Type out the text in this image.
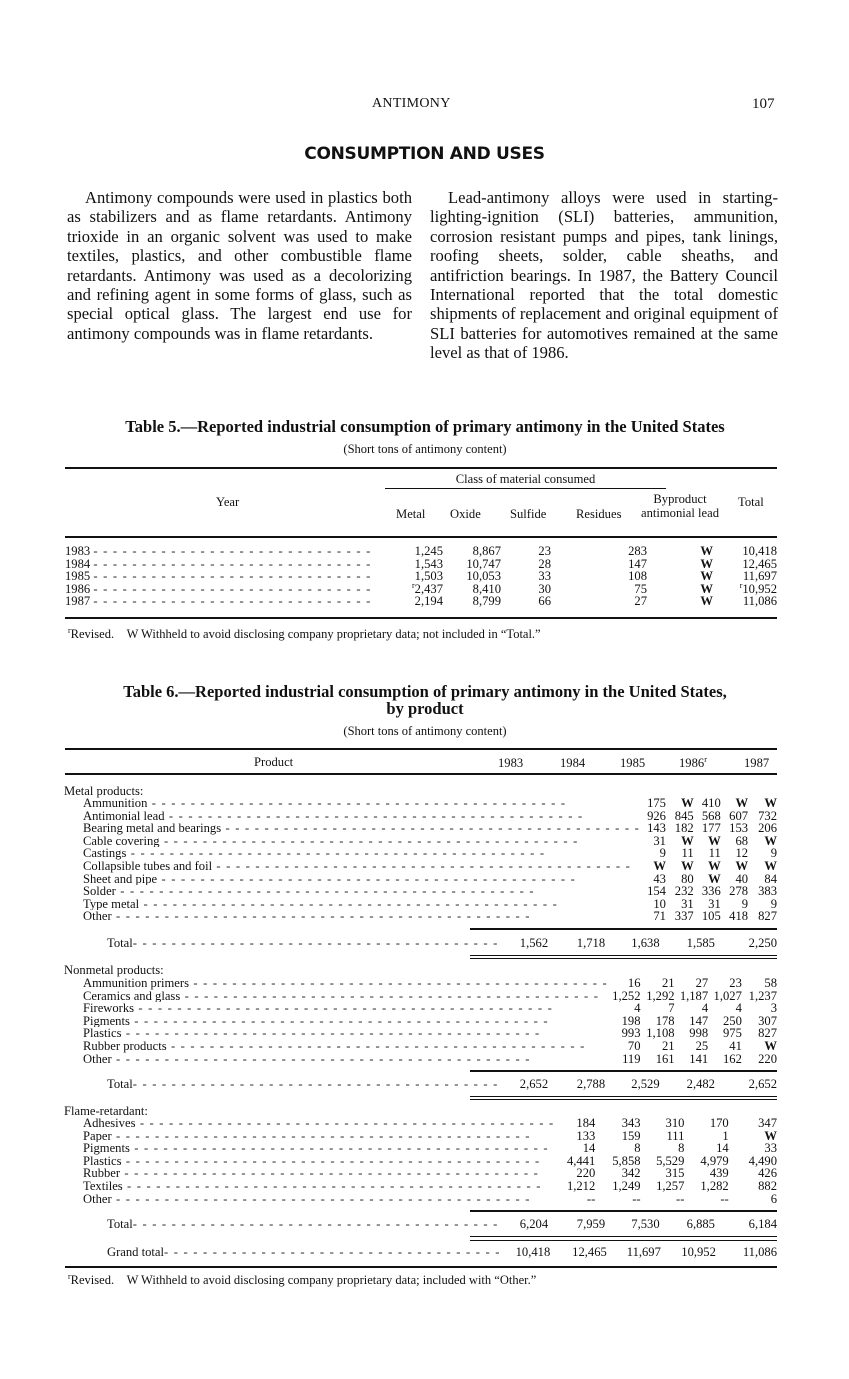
ANTIMONY	107
CONSUMPTION AND USES

Antimony compounds were used in plastics both as stabilizers and as flame retardants. Antimony trioxide in an organic solvent was used to make textiles, plastics, and other combustible flame retardants. Antimony was used as a decolorizing and refining agent in some forms of glass, such as special optical glass. The largest end use for antimony compounds was in flame retardants.

Lead-antimony alloys were used in starting-lighting-ignition (SLI) batteries, ammunition, corrosion resistant pumps and pipes, tank linings, roofing sheets, solder, cable sheaths, and antifriction bearings. In 1987, the Battery Council International reported that the total domestic shipments of replacement and original equipment of SLI batteries for automotives remained at the same level as that of 1986.

Table 5.—Reported industrial consumption of primary antimony in the United States
(Short tons of antimony content)
Class of material consumed
Year
Metal Oxide Sulfide Residues
Byproduct antimonial lead
Total
1983 - - - - - - - - - - - - - - - - - - - - - - - - - - - - -	1,245	8,867	23	283	W	10,418
1984 - - - - - - - - - - - - - - - - - - - - - - - - - - - - -	1,543	10,747	28	147	W	12,465
1985 - - - - - - - - - - - - - - - - - - - - - - - - - - - - -	1,503	10,053	33	108	W	11,697
1986 - - - - - - - - - - - - - - - - - - - - - - - - - - - - -	$^r$2,437	8,410	30	75	W	$^r$10,952
1987 - - - - - - - - - - - - - - - - - - - - - - - - - - - - -	2,194	8,799	66	27	W	11,086
$^r$Revised. W Withheld to avoid disclosing company proprietary data; not included in “Total.”
Table 6.—Reported industrial consumption of primary antimony in the United States,
by product
(Short tons of antimony content)
Product	1983	1984	1985	1986$^r$	1987
Metal products:
Ammunition - - - - - - - - - - - - - - - - - - - - - - - - - - - - - - - - - - - - - - - - - - -	175	W	410	W	W
Antimonial lead - - - - - - - - - - - - - - - - - - - - - - - - - - - - - - - - - - - - - - - - - - -	926	845	568	607	732
Bearing metal and bearings - - - - - - - - - - - - - - - - - - - - - - - - - - - - - - - - - - - - - - - - - - -	143	182	177	153	206
Cable covering - - - - - - - - - - - - - - - - - - - - - - - - - - - - - - - - - - - - - - - - - - -	31	W	W	68	W
Castings - - - - - - - - - - - - - - - - - - - - - - - - - - - - - - - - - - - - - - - - - - -	9	11	11	12	9
Collapsible tubes and foil - - - - - - - - - - - - - - - - - - - - - - - - - - - - - - - - - - - - - - - - - - -	W	W	W	W	W
Sheet and pipe - - - - - - - - - - - - - - - - - - - - - - - - - - - - - - - - - - - - - - - - - - -	43	80	W	40	84
Solder - - - - - - - - - - - - - - - - - - - - - - - - - - - - - - - - - - - - - - - - - - -	154	232	336	278	383
Type metal - - - - - - - - - - - - - - - - - - - - - - - - - - - - - - - - - - - - - - - - - - -	10	31	31	9	9
Other - - - - - - - - - - - - - - - - - - - - - - - - - - - - - - - - - - - - - - - - - - -	71	337	105	418	827
Total- - - - - - - - - - - - - - - - - - - - - - - - - - - - - - - - - - - - - -	1,562	1,718	1,638	1,585	2,250
Nonmetal products:
Ammunition primers - - - - - - - - - - - - - - - - - - - - - - - - - - - - - - - - - - - - - - - - - - -	16	21	27	23	58
Ceramics and glass - - - - - - - - - - - - - - - - - - - - - - - - - - - - - - - - - - - - - - - - - - -	1,252	1,292	1,187	1,027	1,237
Fireworks - - - - - - - - - - - - - - - - - - - - - - - - - - - - - - - - - - - - - - - - - - -	4	7	4	4	3
Pigments - - - - - - - - - - - - - - - - - - - - - - - - - - - - - - - - - - - - - - - - - - -	198	178	147	250	307
Plastics - - - - - - - - - - - - - - - - - - - - - - - - - - - - - - - - - - - - - - - - - - -	993	1,108	998	975	827
Rubber products - - - - - - - - - - - - - - - - - - - - - - - - - - - - - - - - - - - - - - - - - - -	70	21	25	41	W
Other - - - - - - - - - - - - - - - - - - - - - - - - - - - - - - - - - - - - - - - - - - -	119	161	141	162	220
Total- - - - - - - - - - - - - - - - - - - - - - - - - - - - - - - - - - - - - -	2,652	2,788	2,529	2,482	2,652
Flame-retardant:
Adhesives - - - - - - - - - - - - - - - - - - - - - - - - - - - - - - - - - - - - - - - - - - -	184	343	310	170	347
Paper - - - - - - - - - - - - - - - - - - - - - - - - - - - - - - - - - - - - - - - - - - -	133	159	111	1	W
Pigments - - - - - - - - - - - - - - - - - - - - - - - - - - - - - - - - - - - - - - - - - - -	14	8	8	14	33
Plastics - - - - - - - - - - - - - - - - - - - - - - - - - - - - - - - - - - - - - - - - - - -	4,441	5,858	5,529	4,979	4,490
Rubber - - - - - - - - - - - - - - - - - - - - - - - - - - - - - - - - - - - - - - - - - - -	220	342	315	439	426
Textiles - - - - - - - - - - - - - - - - - - - - - - - - - - - - - - - - - - - - - - - - - - -	1,212	1,249	1,257	1,282	882
Other - - - - - - - - - - - - - - - - - - - - - - - - - - - - - - - - - - - - - - - - - - -	--	--	--	--	6
Total- - - - - - - - - - - - - - - - - - - - - - - - - - - - - - - - - - - - - -	6,204	7,959	7,530	6,885	6,184
Grand total- - - - - - - - - - - - - - - - - - - - - - - - - - - - - - - - - - -	10,418	12,465	11,697	10,952	11,086
$^r$Revised. W Withheld to avoid disclosing company proprietary data; included with “Other.”
